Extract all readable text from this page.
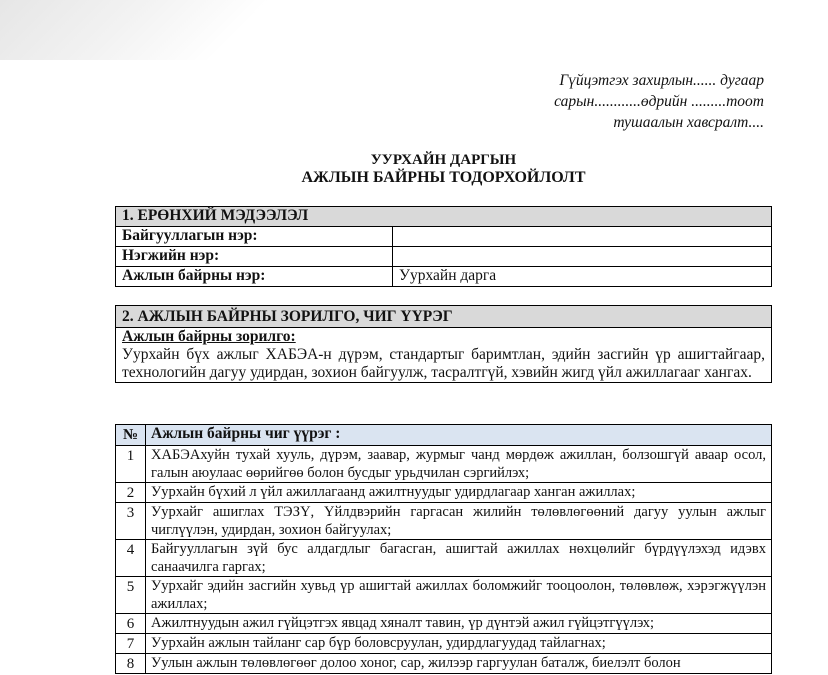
Гүйцэтгэх захирлын...... дугаар
сарын............өдрийн .........тоот
тушаалын хавсралт....
УУРХАЙН ДАРГЫН
АЖЛЫН БАЙРНЫ ТОДОРХОЙЛОЛТ
1. ЕРӨНХИЙ МЭДЭЭЛЭЛ	
Байгууллагын нэр:	
Нэгжийн нэр:	
Ажлын байрны нэр:	Уурхайн дарга
2. АЖЛЫН БАЙРНЫ ЗОРИЛГО, ЧИГ ҮҮРЭГ

Ажлын байрны зорилго:
Уурхайн бүх ажлыг ХАБЭА-н дүрэм, стандартыг баримтлан, эдийн засгийн үр ашигтайгаар, технологийн дагуу удирдан, зохион байгуулж, тасралтгүй, хэвийн жигд үйл ажиллагааг хангах.
№	Ажлын байрны чиг үүрэг :
1	ХАБЭАхуйн тухай хууль, дүрэм, заавар, журмыг чанд мөрдөж ажиллан, болзошгүй аваар осол, галын аюулаас өөрийгөө болон бусдыг урьдчилан сэргийлэх;
2	Уурхайн бүхий л үйл ажиллагаанд ажилтнуудыг удирдлагаар ханган ажиллах;
3	Уурхайг ашиглах ТЭЗҮ, Үйлдвэрийн гаргасан жилийн төлөвлөгөөний дагуу уулын ажлыг чиглүүлэн, удирдан, зохион байгуулах;
4	Байгууллагын зүй бус алдагдлыг багасган, ашигтай ажиллах нөхцөлийг бүрдүүлэхэд идэвх санаачилга гаргах;
5	Уурхайг эдийн засгийн хувьд үр ашигтай ажиллах боломжийг тооцоолон, төлөвлөж, хэрэгжүүлэн ажиллах;
6	Ажилтнуудын ажил гүйцэтгэх явцад хяналт тавин, үр дүнтэй ажил гүйцэтгүүлэх;
7	Уурхайн ажлын тайланг сар бүр боловсруулан, удирдлагуудад тайлагнах;
8	Уулын ажлын төлөвлөгөөг долоо хоног, сар, жилээр гаргуулан баталж, биелэлт болон
